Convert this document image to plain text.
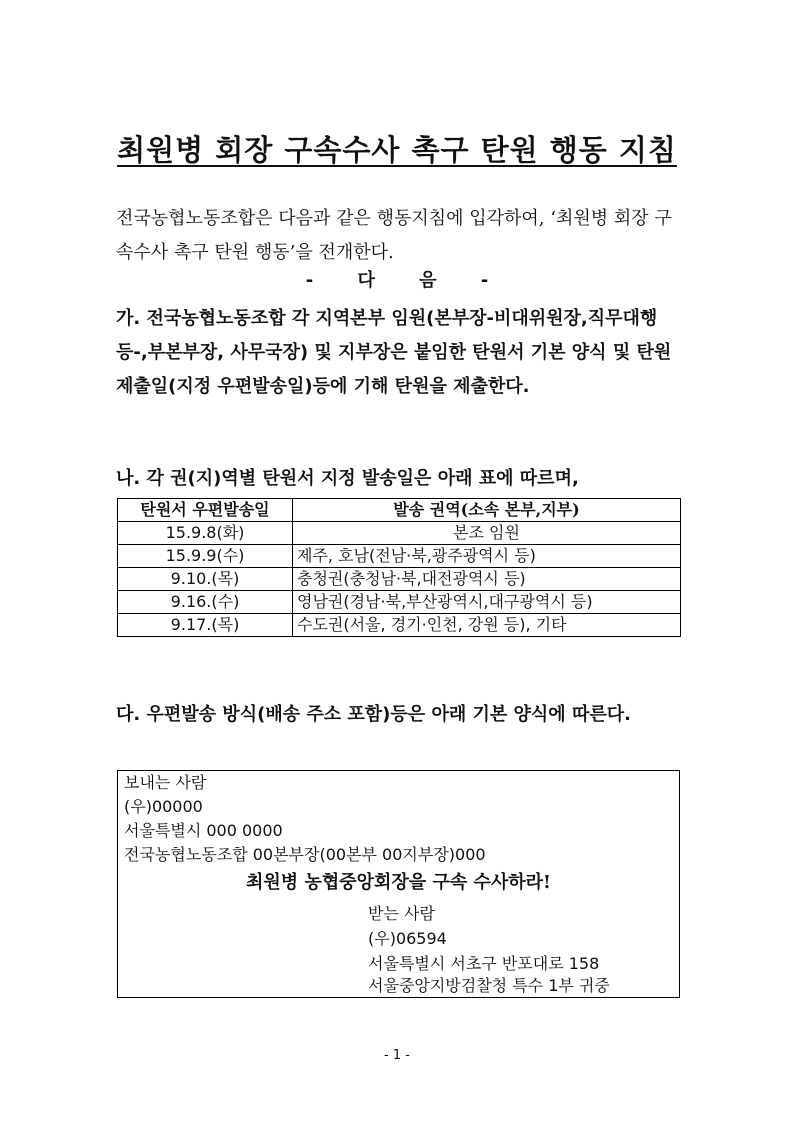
최원병 회장 구속수사 촉구 탄원 행동 지침
전국농협노동조합은 다음과 같은 행동지침에 입각하여, ‘최원병 회장 구속수사 촉구 탄원 행동’을 전개한다.
- 다 음 -
가. 전국농협노동조합 각 지역본부 임원(본부장-비대위원장,직무대행 등-,부본부장, 사무국장) 및 지부장은 붙임한 탄원서 기본 양식 및 탄원제출일(지정 우편발송일)등에 기해 탄원을 제출한다.
나. 각 권(지)역별 탄원서 지정 발송일은 아래 표에 따르며,
탄원서 우편발송일	발송 권역(소속 본부,지부)
15.9.8(화)	본조 임원
15.9.9(수)	제주, 호남(전남·북,광주광역시 등)
9.10.(목)	충청권(충청남·북,대전광역시 등)
9.16.(수)	영남권(경남·북,부산광역시,대구광역시 등)
9.17.(목)	수도권(서울, 경기·인천, 강원 등), 기타
다. 우편발송 방식(배송 주소 포함)등은 아래 기본 양식에 따른다.
보내는 사람
(우)00000
서울특별시 000 0000
전국농협노동조합 00본부장(00본부 00지부장)000
최원병 농협중앙회장을 구속 수사하라!
받는 사람
(우)06594
서울특별시 서초구 반포대로 158
서울중앙지방검찰청 특수 1부 귀중
- 1 -
